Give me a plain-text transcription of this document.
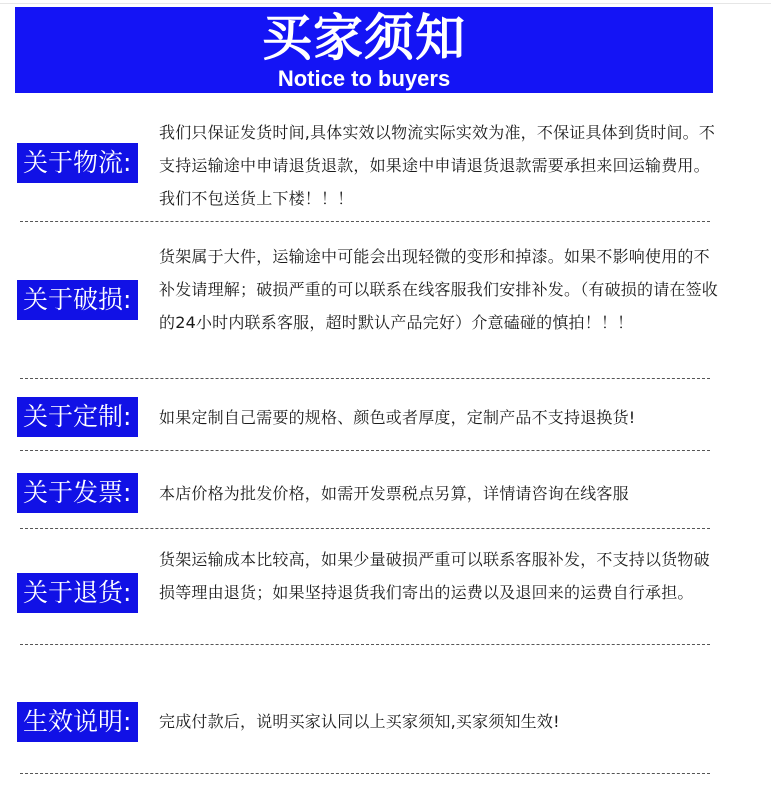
买家须知
Notice to buyers
关于物流:

我们只保证发货时间,具体实效以物流实际实效为准，不保证具体到货时间。不支持运输途中申请退货退款，如果途中申请退货退款需要承担来回运输费用。我们不包送货上下楼！！！

关于破损:

货架属于大件，运输途中可能会出现轻微的变形和掉漆。如果不影响使用的不补发请理解；破损严重的可以联系在线客服我们安排补发。（有破损的请在签收的24小时内联系客服，超时默认产品完好）介意磕碰的慎拍！！！

关于定制:	如果定制自己需要的规格、颜色或者厚度，定制产品不支持退换货!

关于发票:	本店价格为批发价格，如需开发票税点另算，详情请咨询在线客服

关于退货:

货架运输成本比较高，如果少量破损严重可以联系客服补发，不支持以货物破损等理由退货；如果坚持退货我们寄出的运费以及退回来的运费自行承担。

生效说明:	完成付款后，说明买家认同以上买家须知,买家须知生效!
